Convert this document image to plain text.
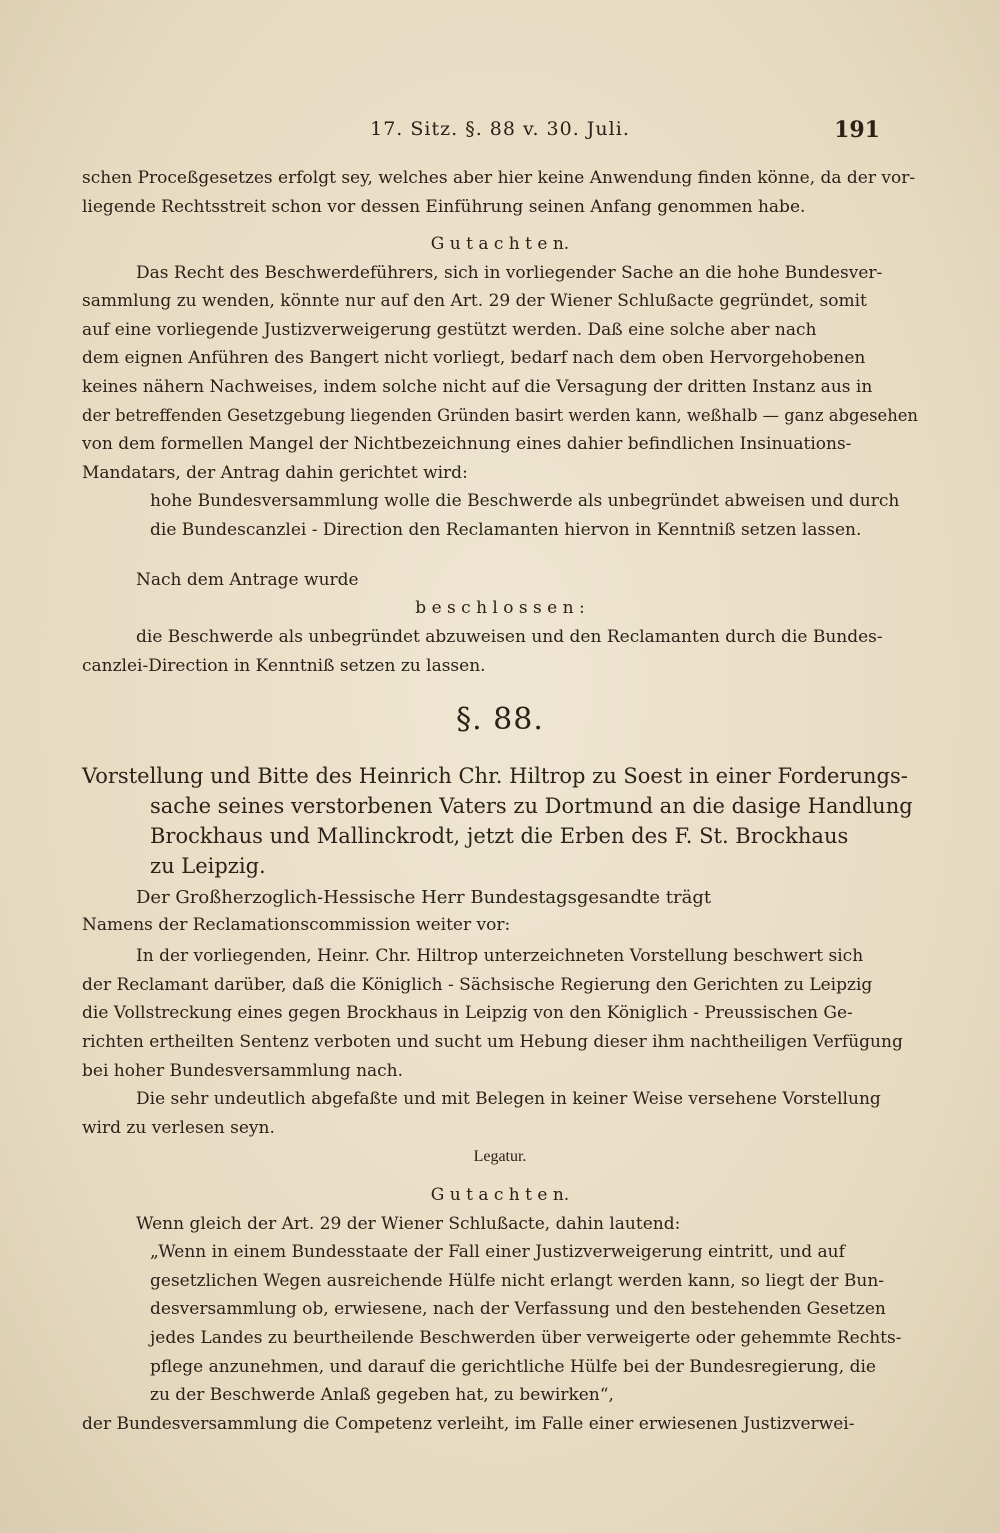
17. Sitz. §. 88 v. 30. Juli.	191
schen Proceßgesetzes erfolgt sey, welches aber hier keine Anwendung finden könne, da der vor-
liegende Rechtsstreit schon vor dessen Einführung seinen Anfang genommen habe.
G u t a c h t e n.
Das Recht des Beschwerdeführers, sich in vorliegender Sache an die hohe Bundesver-
sammlung zu wenden, könnte nur auf den Art. 29 der Wiener Schlußacte gegründet, somit
auf eine vorliegende Justizverweigerung gestützt werden. Daß eine solche aber nach
dem eignen Anführen des Bangert nicht vorliegt, bedarf nach dem oben Hervorgehobenen
keines nähern Nachweises, indem solche nicht auf die Versagung der dritten Instanz aus in
der betreffenden Gesetzgebung liegenden Gründen basirt werden kann, weßhalb — ganz abgesehen
von dem formellen Mangel der Nichtbezeichnung eines dahier befindlichen Insinuations-
Mandatars, der Antrag dahin gerichtet wird:
hohe Bundesversammlung wolle die Beschwerde als unbegründet abweisen und durch
die Bundescanzlei - Direction den Reclamanten hiervon in Kenntniß setzen lassen.
Nach dem Antrage wurde
b e s c h l o s s e n :
die Beschwerde als unbegründet abzuweisen und den Reclamanten durch die Bundes-
canzlei-Direction in Kenntniß setzen zu lassen.
§. 88.
Vorstellung und Bitte des Heinrich Chr. Hiltrop zu Soest in einer Forderungs-
sache seines verstorbenen Vaters zu Dortmund an die dasige Handlung
Brockhaus und Mallinckrodt, jetzt die Erben des F. St. Brockhaus
zu Leipzig.
Der Großherzoglich-Hessische Herr Bundestagsgesandte trägt
Namens der Reclamationscommission weiter vor:
In der vorliegenden, Heinr. Chr. Hiltrop unterzeichneten Vorstellung beschwert sich
der Reclamant darüber, daß die Königlich - Sächsische Regierung den Gerichten zu Leipzig
die Vollstreckung eines gegen Brockhaus in Leipzig von den Königlich - Preussischen Ge-
richten ertheilten Sentenz verboten und sucht um Hebung dieser ihm nachtheiligen Verfügung
bei hoher Bundesversammlung nach.
Die sehr undeutlich abgefaßte und mit Belegen in keiner Weise versehene Vorstellung
wird zu verlesen seyn.
Legatur.
G u t a c h t e n.
Wenn gleich der Art. 29 der Wiener Schlußacte, dahin lautend:
„Wenn in einem Bundesstaate der Fall einer Justizverweigerung eintritt, und auf
gesetzlichen Wegen ausreichende Hülfe nicht erlangt werden kann, so liegt der Bun-
desversammlung ob, erwiesene, nach der Verfassung und den bestehenden Gesetzen
jedes Landes zu beurtheilende Beschwerden über verweigerte oder gehemmte Rechts-
pflege anzunehmen, und darauf die gerichtliche Hülfe bei der Bundesregierung, die
zu der Beschwerde Anlaß gegeben hat, zu bewirken“,
der Bundesversammlung die Competenz verleiht, im Falle einer erwiesenen Justizverwei-
